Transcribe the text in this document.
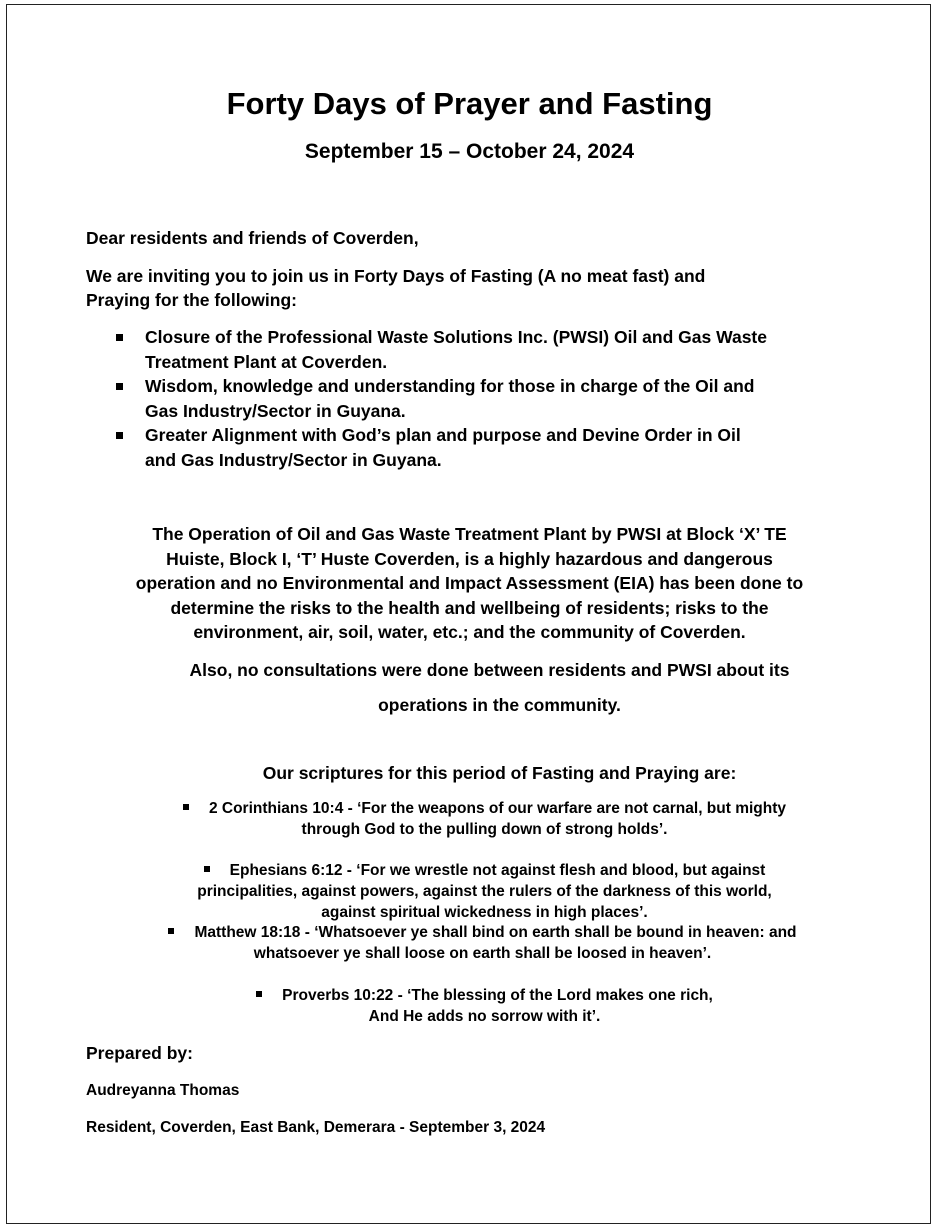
Forty Days of Prayer and Fasting
September 15 – October 24, 2024
Dear residents and friends of Coverden,
We are inviting you to join us in Forty Days of Fasting (A no meat fast) and
Praying for the following:
Closure of the Professional Waste Solutions Inc. (PWSI) Oil and Gas Waste
Treatment Plant at Coverden.
Wisdom, knowledge and understanding for those in charge of the Oil and
Gas Industry/Sector in Guyana.
Greater Alignment with God’s plan and purpose and Devine Order in Oil
and Gas Industry/Sector in Guyana.
The Operation of Oil and Gas Waste Treatment Plant by PWSI at Block ‘X’ TE
Huiste, Block I, ‘T’ Huste Coverden, is a highly hazardous and dangerous
operation and no Environmental and Impact Assessment (EIA) has been done to
determine the risks to the health and wellbeing of residents; risks to the
environment, air, soil, water, etc.; and the community of Coverden.
Also, no consultations were done between residents and PWSI about its
operations in the community.
Our scriptures for this period of Fasting and Praying are:
2 Corinthians 10:4 - ‘For the weapons of our warfare are not carnal, but mighty
through God to the pulling down of strong holds’.
Ephesians 6:12 - ‘For we wrestle not against flesh and blood, but against
principalities, against powers, against the rulers of the darkness of this world,
against spiritual wickedness in high places’.
Matthew 18:18 - ‘Whatsoever ye shall bind on earth shall be bound in heaven: and
whatsoever ye shall loose on earth shall be loosed in heaven’.
Proverbs 10:22 - ‘The blessing of the Lord makes one rich,
And He adds no sorrow with it’.
Prepared by:
Audreyanna Thomas
Resident, Coverden, East Bank, Demerara - September 3, 2024
